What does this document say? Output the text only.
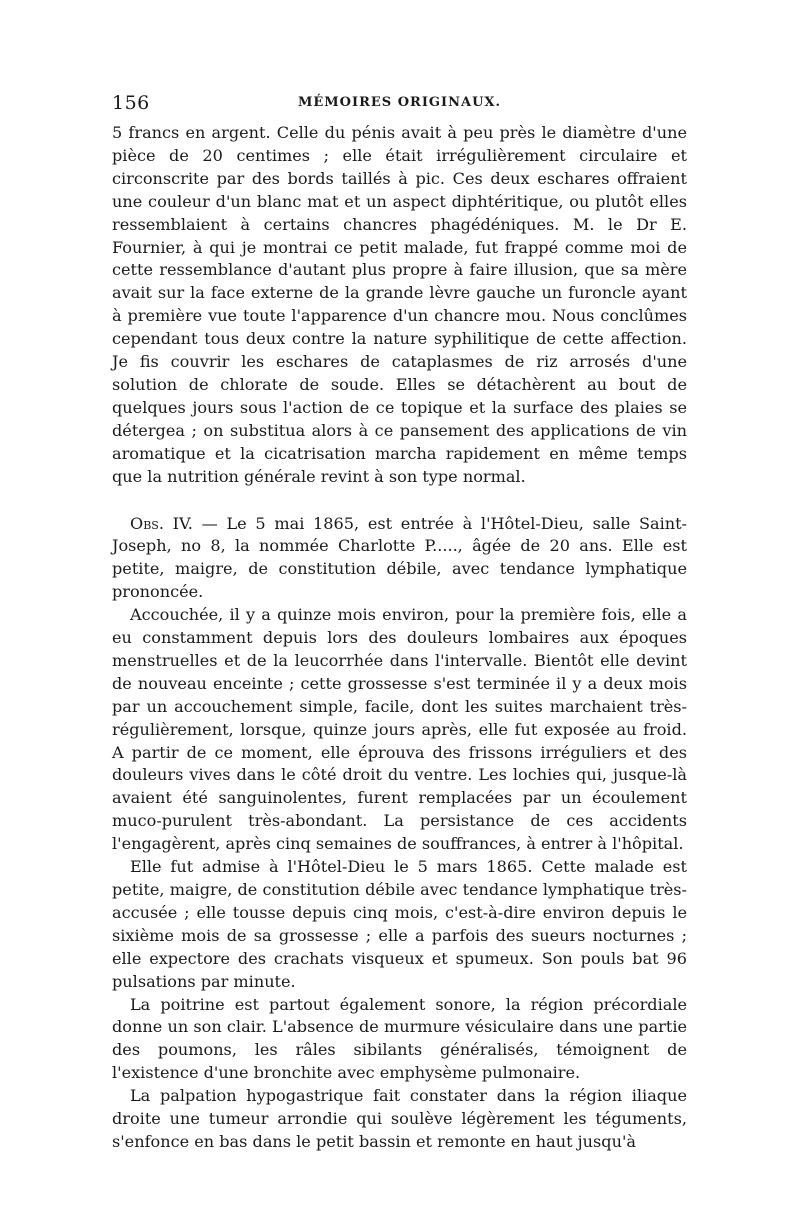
156	MÉMOIRES ORIGINAUX.

5 francs en argent. Celle du pénis avait à peu près le diamètre d'une pièce de 20 centimes ; elle était irrégulièrement circulaire et circonscrite par des bords taillés à pic. Ces deux eschares offraient une couleur d'un blanc mat et un aspect diphtéritique, ou plutôt elles ressemblaient à certains chancres phagédéniques. M. le Dr E. Fournier, à qui je montrai ce petit malade, fut frappé comme moi de cette ressemblance d'autant plus propre à faire illusion, que sa mère avait sur la face externe de la grande lèvre gauche un furoncle ayant à première vue toute l'apparence d'un chancre mou. Nous conclûmes cependant tous deux contre la nature syphilitique de cette affection. Je fis couvrir les eschares de cataplasmes de riz arrosés d'une solution de chlorate de soude. Elles se détachèrent au bout de quelques jours sous l'action de ce topique et la surface des plaies se détergea ; on substitua alors à ce pansement des applications de vin aromatique et la cicatrisation marcha rapidement en même temps que la nutrition générale revint à son type normal.

Obs. IV. — Le 5 mai 1865, est entrée à l'Hôtel-Dieu, salle Saint-Joseph, no 8, la nommée Charlotte P....., âgée de 20 ans. Elle est petite, maigre, de constitution débile, avec tendance lymphatique prononcée.

Accouchée, il y a quinze mois environ, pour la première fois, elle a eu constamment depuis lors des douleurs lombaires aux époques menstruelles et de la leucorrhée dans l'intervalle. Bientôt elle devint de nouveau enceinte ; cette grossesse s'est terminée il y a deux mois par un accouchement simple, facile, dont les suites marchaient très-régulièrement, lorsque, quinze jours après, elle fut exposée au froid. A partir de ce moment, elle éprouva des frissons irréguliers et des douleurs vives dans le côté droit du ventre. Les lochies qui, jusque-là avaient été sanguinolentes, furent remplacées par un écoulement muco-purulent très-abondant. La persistance de ces accidents l'engagèrent, après cinq semaines de souffrances, à entrer à l'hôpital.

Elle fut admise à l'Hôtel-Dieu le 5 mars 1865. Cette malade est petite, maigre, de constitution débile avec tendance lymphatique très-accusée ; elle tousse depuis cinq mois, c'est-à-dire environ depuis le sixième mois de sa grossesse ; elle a parfois des sueurs nocturnes ; elle expectore des crachats visqueux et spumeux. Son pouls bat 96 pulsations par minute.

La poitrine est partout également sonore, la région précordiale donne un son clair. L'absence de murmure vésiculaire dans une partie des poumons, les râles sibilants généralisés, témoignent de l'existence d'une bronchite avec emphysème pulmonaire.

La palpation hypogastrique fait constater dans la région iliaque droite une tumeur arrondie qui soulève légèrement les téguments, s'enfonce en bas dans le petit bassin et remonte en haut jusqu'à
